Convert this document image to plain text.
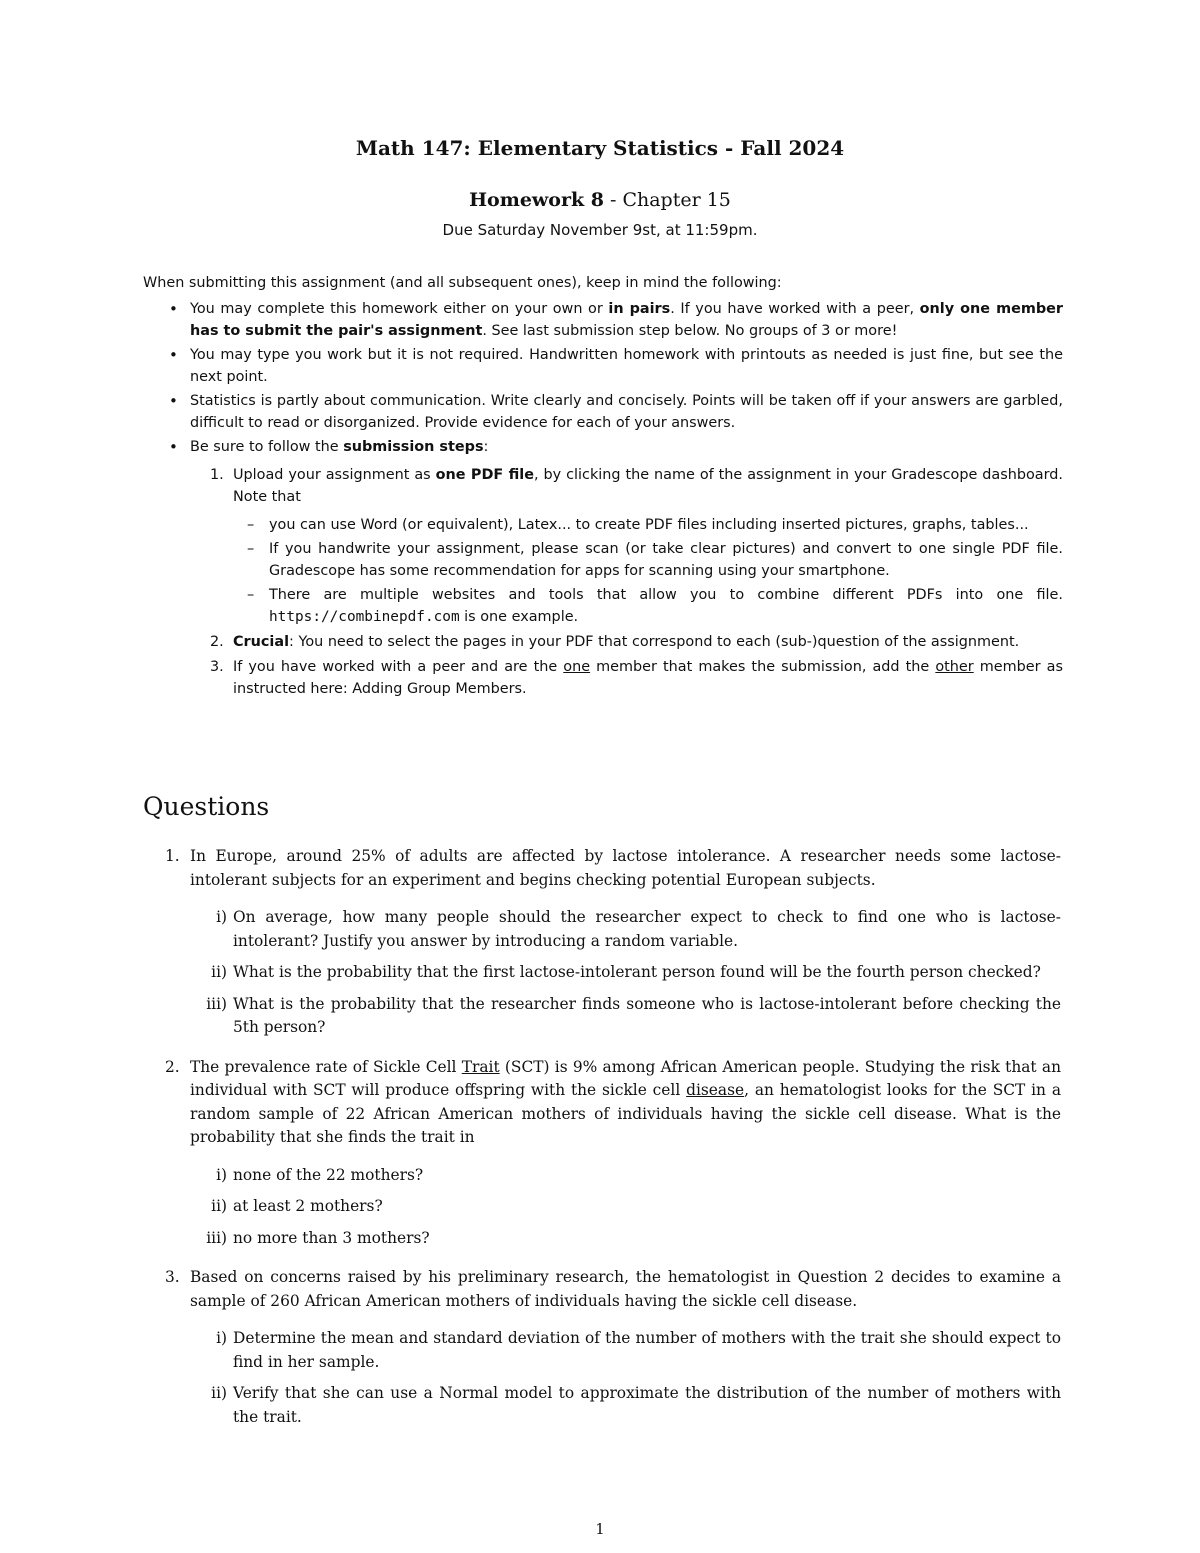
Math 147: Elementary Statistics - Fall 2024
Homework 8 - Chapter 15
Due Saturday November 9st, at 11:59pm.

When submitting this assignment (and all subsequent ones), keep in mind the following:

• You may complete this homework either on your own or in pairs. If you have worked with a peer, only one member has to submit the pair's assignment. See last submission step below. No groups of 3 or more!
• You may type you work but it is not required. Handwritten homework with printouts as needed is just fine, but see the next point.
• Statistics is partly about communication. Write clearly and concisely. Points will be taken off if your answers are garbled, difficult to read or disorganized. Provide evidence for each of your answers.
• Be sure to follow the submission steps:
1. Upload your assignment as one PDF file, by clicking the name of the assignment in your Gradescope dashboard. Note that
– you can use Word (or equivalent), Latex... to create PDF files including inserted pictures, graphs, tables...
– If you handwrite your assignment, please scan (or take clear pictures) and convert to one single PDF file. Gradescope has some recommendation for apps for scanning using your smartphone.
– There are multiple websites and tools that allow you to combine different PDFs into one file. https://combinepdf.com is one example.
2. Crucial: You need to select the pages in your PDF that correspond to each (sub-)question of the assignment.
3. If you have worked with a peer and are the one member that makes the submission, add the other member as instructed here: Adding Group Members.
Questions
1. In Europe, around 25% of adults are affected by lactose intolerance. A researcher needs some lactose-intolerant subjects for an experiment and begins checking potential European subjects.
i) On average, how many people should the researcher expect to check to find one who is lactose-intolerant? Justify you answer by introducing a random variable.
ii) What is the probability that the first lactose-intolerant person found will be the fourth person checked?
iii) What is the probability that the researcher finds someone who is lactose-intolerant before checking the 5th person?
2. The prevalence rate of Sickle Cell Trait (SCT) is 9% among African American people. Studying the risk that an individual with SCT will produce offspring with the sickle cell disease, an hematologist looks for the SCT in a random sample of 22 African American mothers of individuals having the sickle cell disease. What is the probability that she finds the trait in
i) none of the 22 mothers?
ii) at least 2 mothers?
iii) no more than 3 mothers?
3. Based on concerns raised by his preliminary research, the hematologist in Question 2 decides to examine a sample of 260 African American mothers of individuals having the sickle cell disease.
i) Determine the mean and standard deviation of the number of mothers with the trait she should expect to find in her sample.
ii) Verify that she can use a Normal model to approximate the distribution of the number of mothers with the trait.
1
